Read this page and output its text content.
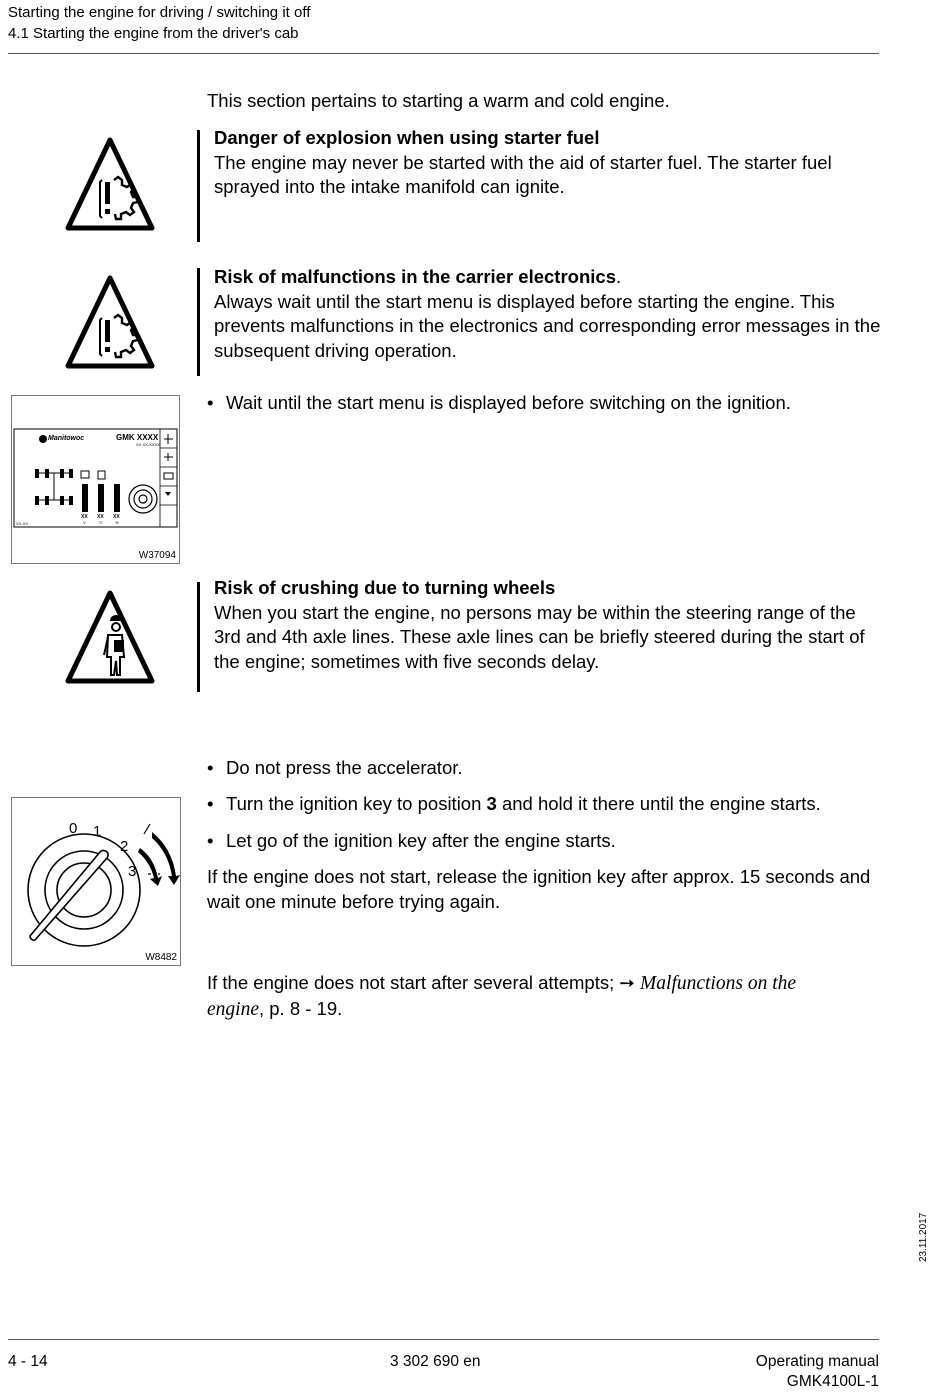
Starting the engine for driving / switching it off
4.1 Starting the engine from the driver's cab
This section pertains to starting a warm and cold engine.
Danger of explosion when using starter fuel
The engine may never be started with the aid of starter fuel. The starter fuel sprayed into the intake manifold can ignite.
Risk of malfunctions in the carrier electronics.
Always wait until the start menu is displayed before starting the engine. This prevents malfunctions in the electronics and corresponding error messages in the subsequent driving operation.
• Wait until the start menu is displayed before switching on the ignition.
Manitowoc	GMK XXXX
XX XX-XXXX
XX-XX
XX XX XX
V	°C	%
W37094
Risk of crushing due to turning wheels
When you start the engine, no persons may be within the steering range of the 3rd and 4th axle lines. These axle lines can be briefly steered during the start of the engine; sometimes with five seconds delay.
• Do not press the accelerator.
• Turn the ignition key to position 3 and hold it there until the engine starts.
• Let go of the ignition key after the engine starts.
If the engine does not start, release the ignition key after approx. 15 seconds and wait one minute before trying again.
0 1
2
3
W8482
If the engine does not start after several attempts; ➙ Malfunctions on the
engine, p. 8 - 19.
23.11.2017
4 - 14	3 302 690 en	Operating manual
GMK4100L-1
